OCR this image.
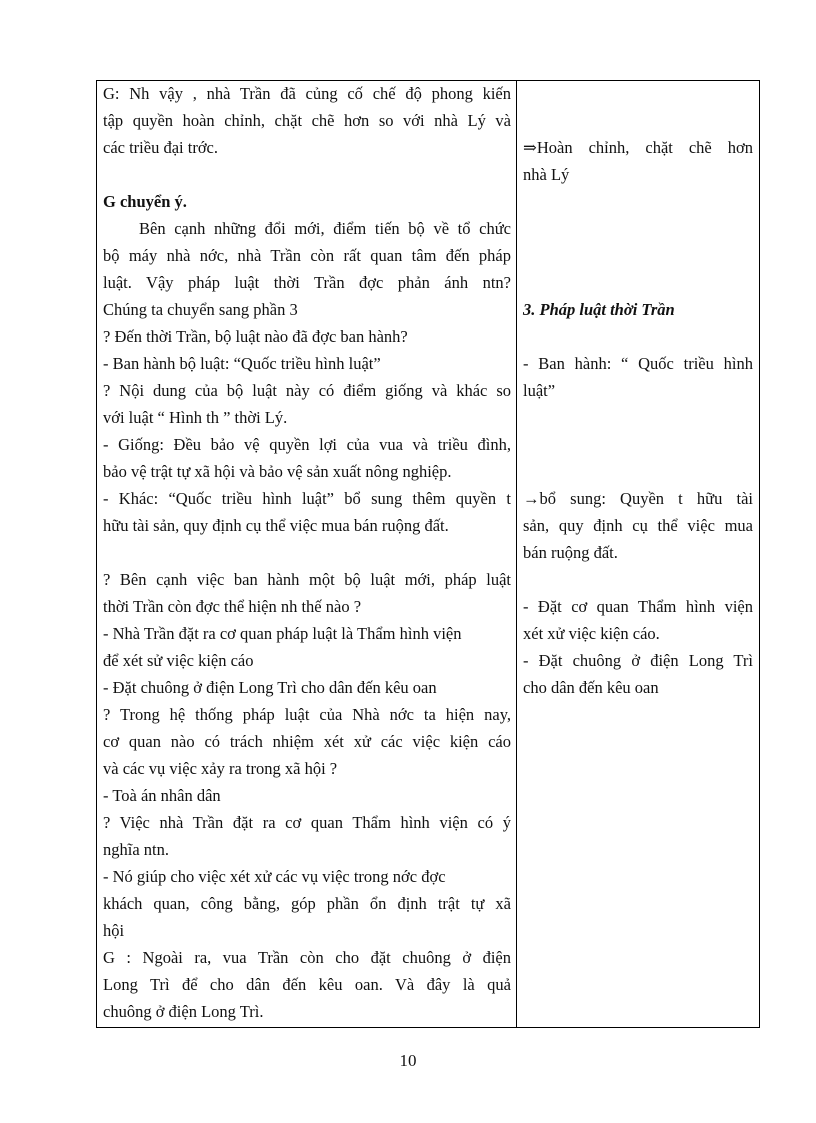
G: Nh vậy , nhà Trần đã củng cố chế độ phong kiến
tập quyền hoàn chỉnh, chặt chẽ hơn so với nhà Lý và
các triều đại trớc.
G chuyển ý.
Bên cạnh những đổi mới, điểm tiến bộ về tổ chức
bộ máy nhà nớc, nhà Trần còn rất quan tâm đến pháp
luật. Vậy pháp luật thời Trần đợc phản ánh ntn?
Chúng ta chuyển sang phần 3
? Đến thời Trần, bộ luật nào đã đợc ban hành?
- Ban hành bộ luật: “Quốc triều hình luật”
? Nội dung của bộ luật này có điểm giống và khác so
với luật “ Hình th ” thời Lý.
- Giống: Đều bảo vệ quyền lợi của vua và triều đình,
bảo vệ trật tự xã hội và bảo vệ sản xuất nông nghiệp.
- Khác: “Quốc triều hình luật” bổ sung thêm quyền t
hữu tài sản, quy định cụ thể việc mua bán ruộng đất.
? Bên cạnh việc ban hành một bộ luật mới, pháp luật
thời Trần còn đợc thể hiện nh thế nào ?
- Nhà Trần đặt ra cơ quan pháp luật là Thẩm hình viện
để xét sử việc kiện cáo
- Đặt chuông ở điện Long Trì cho dân đến kêu oan
? Trong hệ thống pháp luật của Nhà nớc ta hiện nay,
cơ quan nào có trách nhiệm xét xử các việc kiện cáo
và các vụ việc xảy ra trong xã hội ?
- Toà án nhân dân
? Việc nhà Trần đặt ra cơ quan Thẩm hình viện có ý
nghĩa ntn.
- Nó giúp cho việc xét xử các vụ việc trong nớc đợc
khách quan, công bằng, góp phần ổn định trật tự xã
hội
G : Ngoài ra, vua Trần còn cho đặt chuông ở điện
Long Trì để cho dân đến kêu oan. Và đây là quả
chuông ở điện Long Trì.
⇒Hoàn chỉnh, chặt chẽ hơn
nhà Lý
3. Pháp luật thời Trần
- Ban hành: “ Quốc triều hình
luật”
→bổ sung: Quyền t hữu tài
sản, quy định cụ thể việc mua
bán ruộng đất.
- Đặt cơ quan Thẩm hình viện
xét xử việc kiện cáo.
- Đặt chuông ở điện Long Trì
cho dân đến kêu oan
10
